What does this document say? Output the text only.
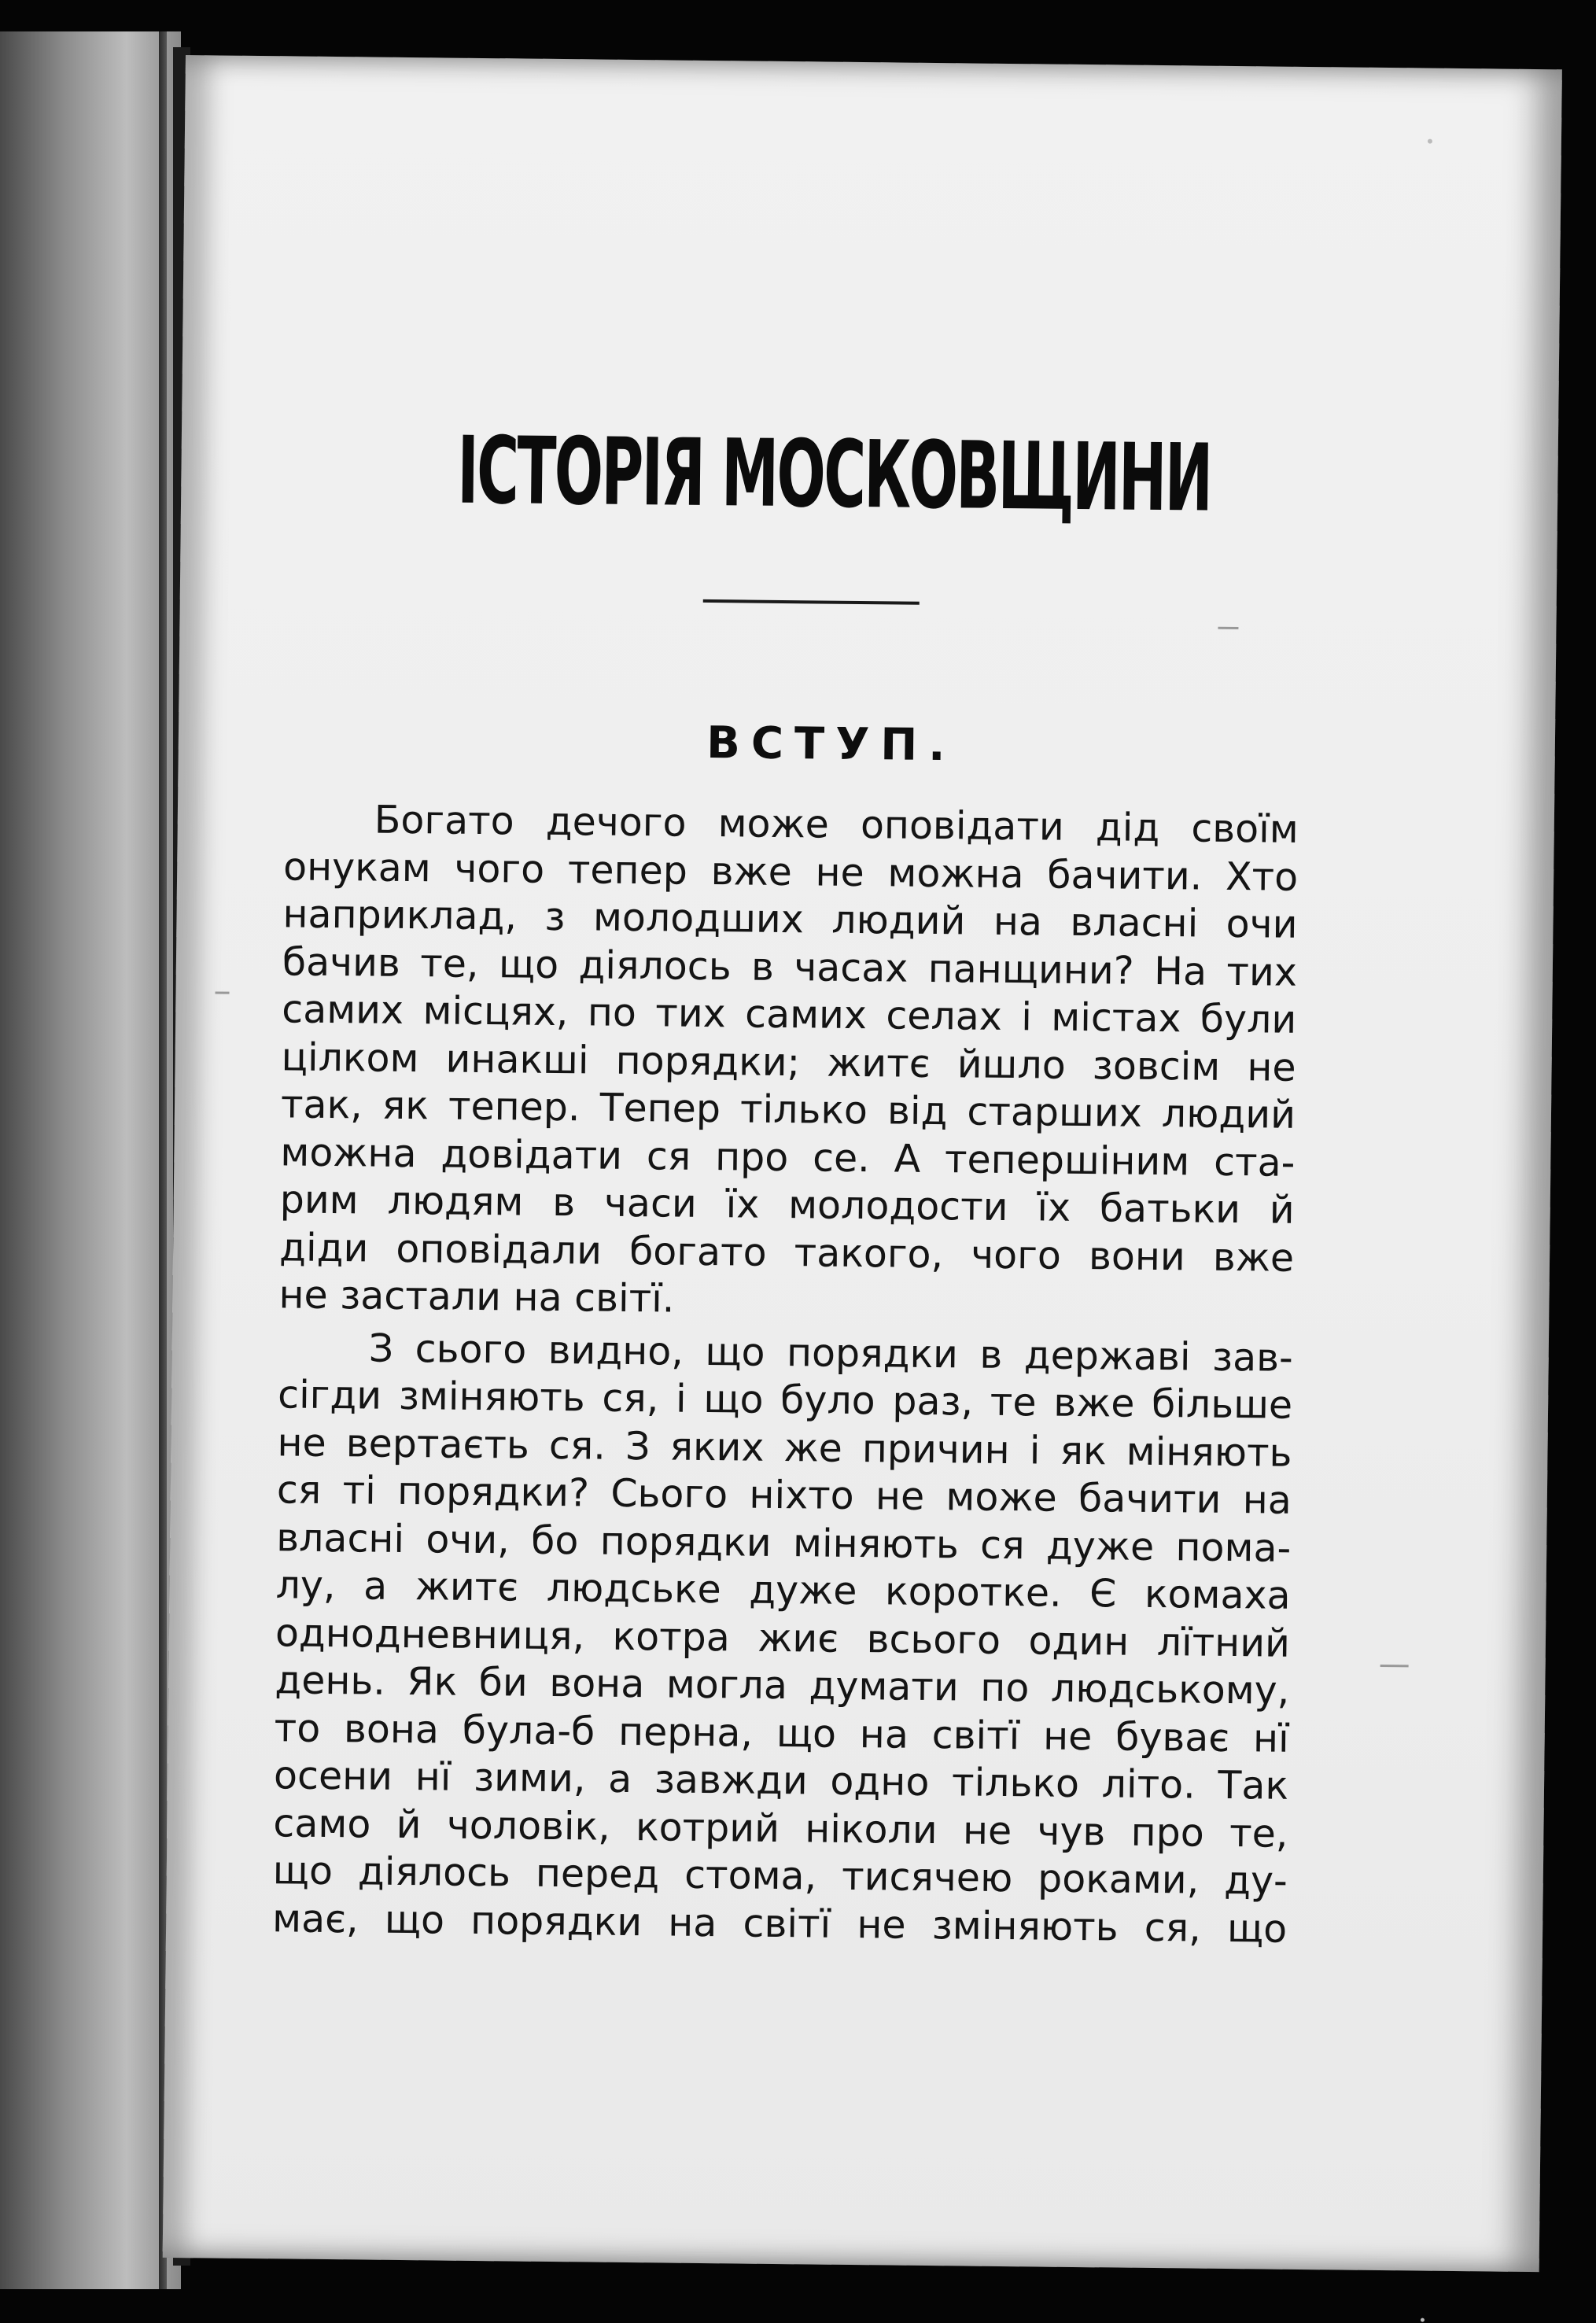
ІСТОРІЯ МОСКОВЩИНИ
ВСТУП.
Богато дечого може оповідати дід своїм
онукам чого тепер вже не можна бачити. Хто
наприклад, з молодших людий на власні очи
бачив те, що діялось в часах панщини? На тих
самих місцях, по тих самих селах і містах були
цілком инакші порядки; житє йшло зовсім не
так, як тепер. Тепер тілько від старших людий
можна довідати ся про се. А тепершіним ста-
рим людям в часи їх молодости їх батьки й
діди оповідали богато такого, чого вони вже
не застали на світї.
З сього видно, що порядки в державі зав-
сігди зміняють ся, і що було раз, те вже більше
не вертаєть ся. З яких же причин і як міняють
ся ті порядки? Сього ніхто не може бачити на
власні очи, бо порядки міняють ся дуже пома-
лу, а житє людське дуже коротке. Є комаха
однодневниця, котра жиє всього один лїтний
день. Як би вона могла думати по людському,
то вона була-б перна, що на світї не буває нї
осени нї зими, а завжди одно тілько літо. Так
само й чоловік, котрий ніколи не чув про те,
що діялось перед стома, тисячею роками, ду-
має, що порядки на світї не зміняють ся, що
